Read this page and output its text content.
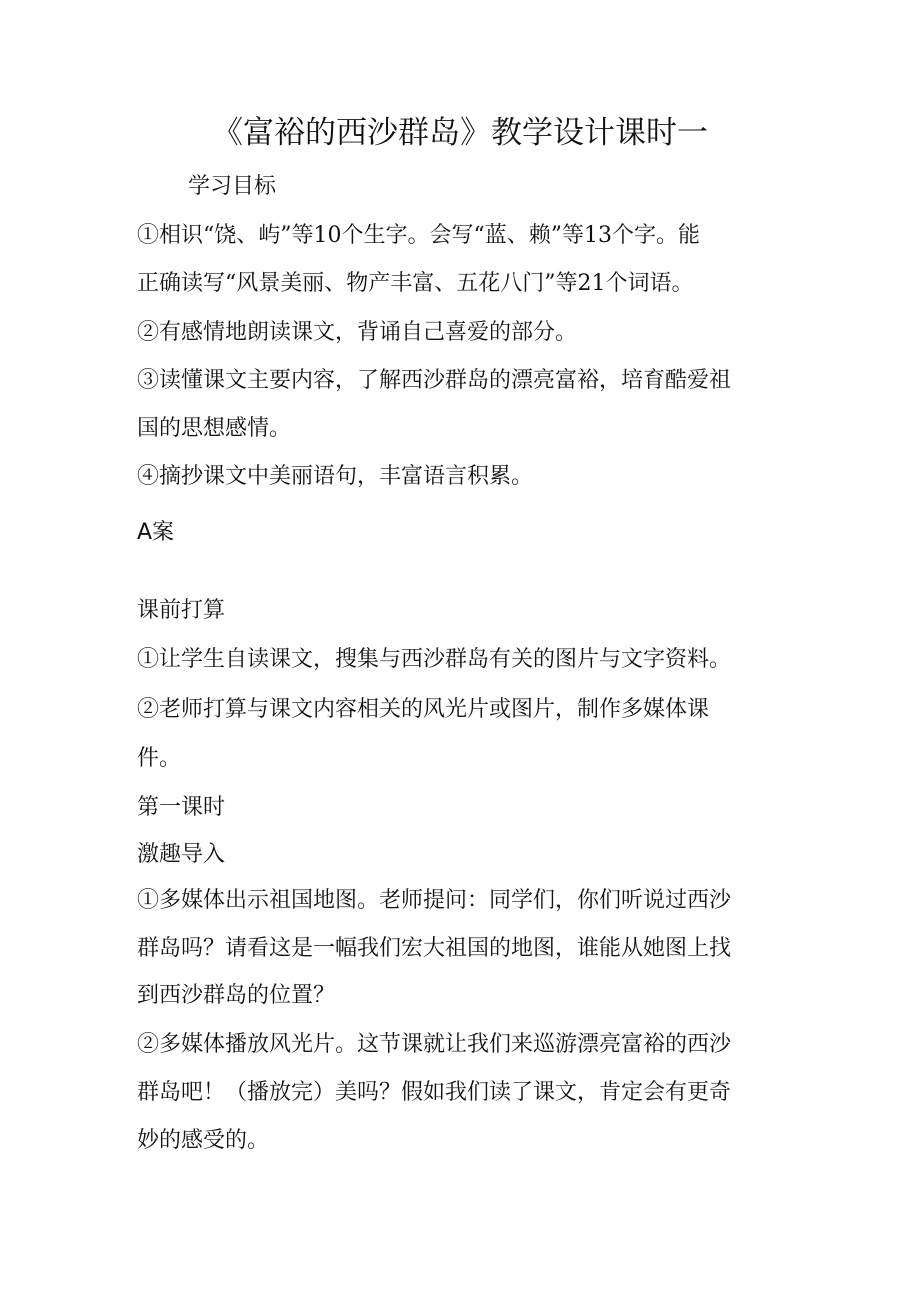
《富裕的西沙群岛》教学设计课时一
学习目标
①相识“饶、屿”等10个生字。会写“蓝、赖”等13个字。能
正确读写“风景美丽、物产丰富、五花八门”等21个词语。
②有感情地朗读课文，背诵自己喜爱的部分。
③读懂课文主要内容，了解西沙群岛的漂亮富裕，培育酷爱祖
国的思想感情。
④摘抄课文中美丽语句，丰富语言积累。
A案
课前打算
①让学生自读课文，搜集与西沙群岛有关的图片与文字资料。
②老师打算与课文内容相关的风光片或图片，制作多媒体课
件。
第一课时
激趣导入
①多媒体出示祖国地图。老师提问：同学们，你们听说过西沙
群岛吗？请看这是一幅我们宏大祖国的地图，谁能从她图上找
到西沙群岛的位置？
②多媒体播放风光片。这节课就让我们来巡游漂亮富裕的西沙
群岛吧！（播放完）美吗？假如我们读了课文，肯定会有更奇
妙的感受的。
